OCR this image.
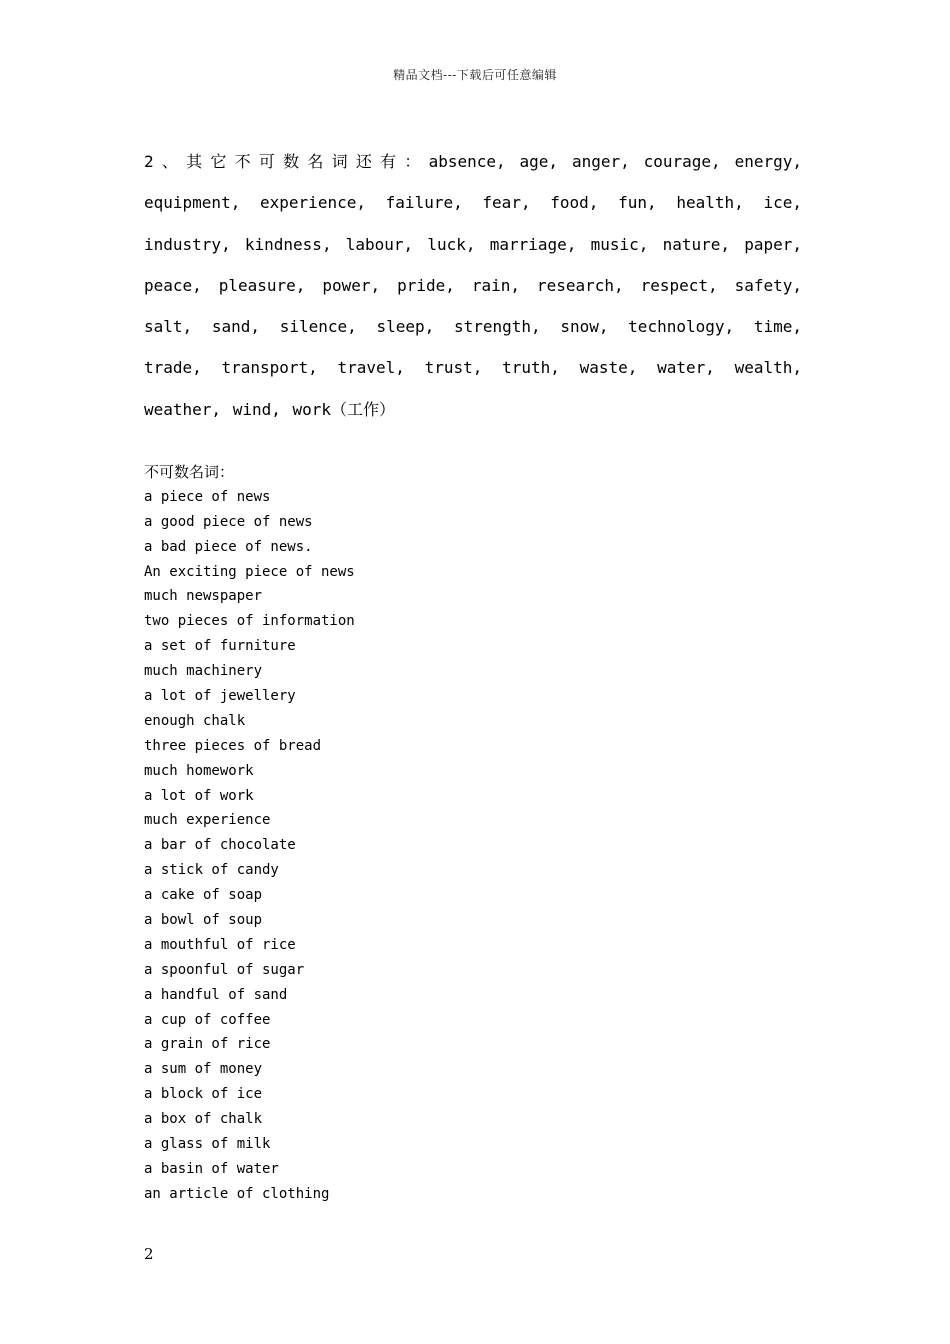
精品文档---下载后可任意编辑

2、其它不可数名词还有：absence, age, anger, courage, energy, equipment, experience, failure, fear, food, fun, health, ice, industry, kindness, labour, luck, marriage, music, nature, paper, peace, pleasure, power, pride, rain, research, respect, safety, salt, sand, silence, sleep, strength, snow, technology, time, trade, transport, travel, trust, truth, waste, water, wealth, weather, wind, work（工作）

不可数名词：
a piece of news
a good piece of news
a bad piece of news.
An exciting piece of news
much newspaper
two pieces of information
a set of furniture
much machinery
a lot of jewellery
enough chalk
three pieces of bread
much homework
a lot of work
much experience
a bar of chocolate
a stick of candy
a cake of soap
a bowl of soup
a mouthful of rice
a spoonful of sugar
a handful of sand
a cup of coffee
a grain of rice
a sum of money
a block of ice
a box of chalk
a glass of milk
a basin of water
an article of clothing
2
